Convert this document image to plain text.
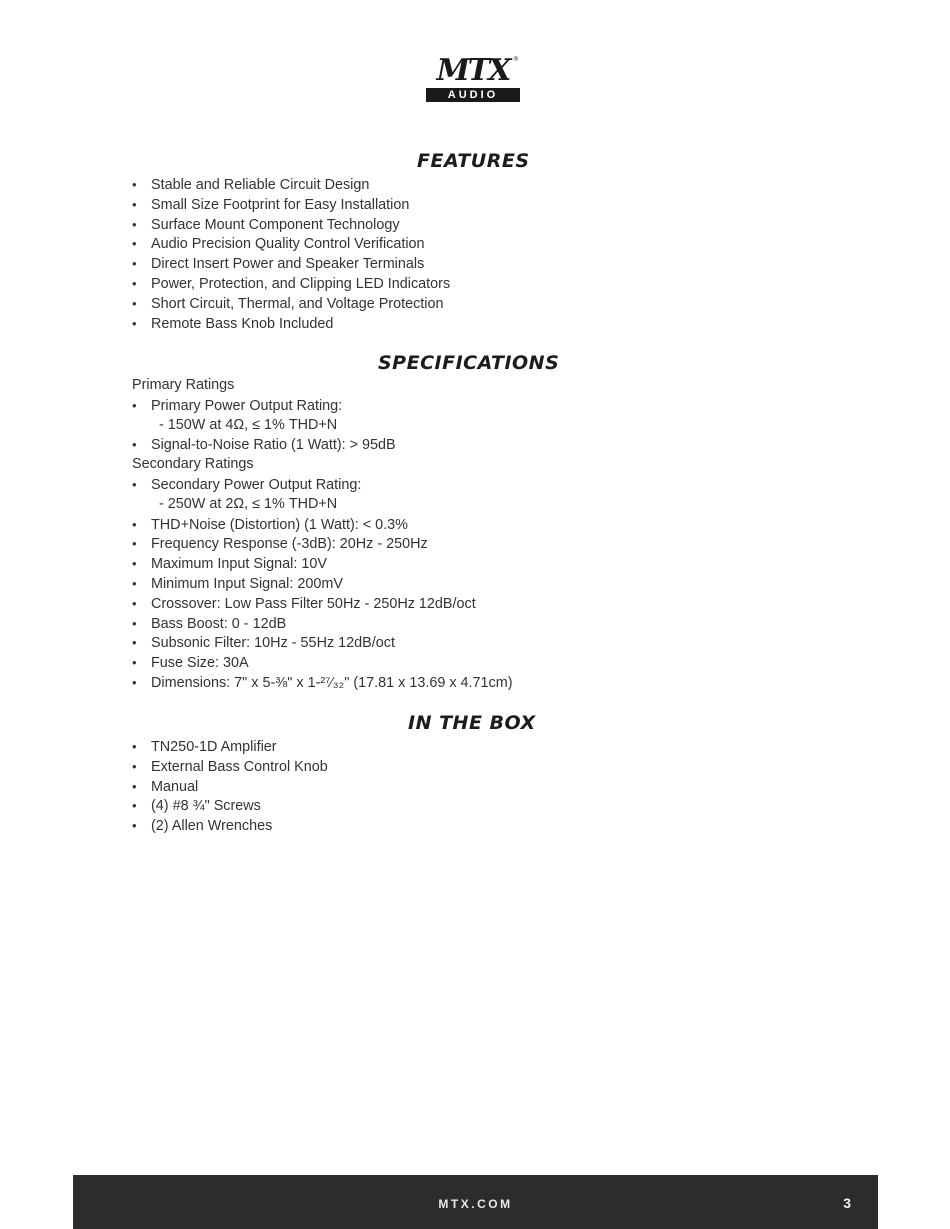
MTX ®
AUDIO
FEATURES
• Stable and Reliable Circuit Design
• Small Size Footprint for Easy Installation
• Surface Mount Component Technology
• Audio Precision Quality Control Verification
• Direct Insert Power and Speaker Terminals
• Power, Protection, and Clipping LED Indicators
• Short Circuit, Thermal, and Voltage Protection
• Remote Bass Knob Included
SPECIFICATIONS
Primary Ratings
• Primary Power Output Rating:
- 150W at 4Ω, ≤ 1% THD+N
• Signal-to-Noise Ratio (1 Watt): > 95dB
Secondary Ratings
• Secondary Power Output Rating:
- 250W at 2Ω, ≤ 1% THD+N
• THD+Noise (Distortion) (1 Watt): < 0.3%
• Frequency Response (-3dB): 20Hz - 250Hz
• Maximum Input Signal: 10V
• Minimum Input Signal: 200mV
• Crossover: Low Pass Filter 50Hz - 250Hz 12dB/oct
• Bass Boost: 0 - 12dB
• Subsonic Filter: 10Hz - 55Hz 12dB/oct
• Fuse Size: 30A
• Dimensions: 7" x 5-⅜" x 1-²⁷⁄₃₂" (17.81 x 13.69 x 4.71cm)
IN THE BOX
• TN250-1D Amplifier
• External Bass Control Knob
• Manual
• (4) #8 ¾" Screws
• (2) Allen Wrenches
MTX.COM	3
